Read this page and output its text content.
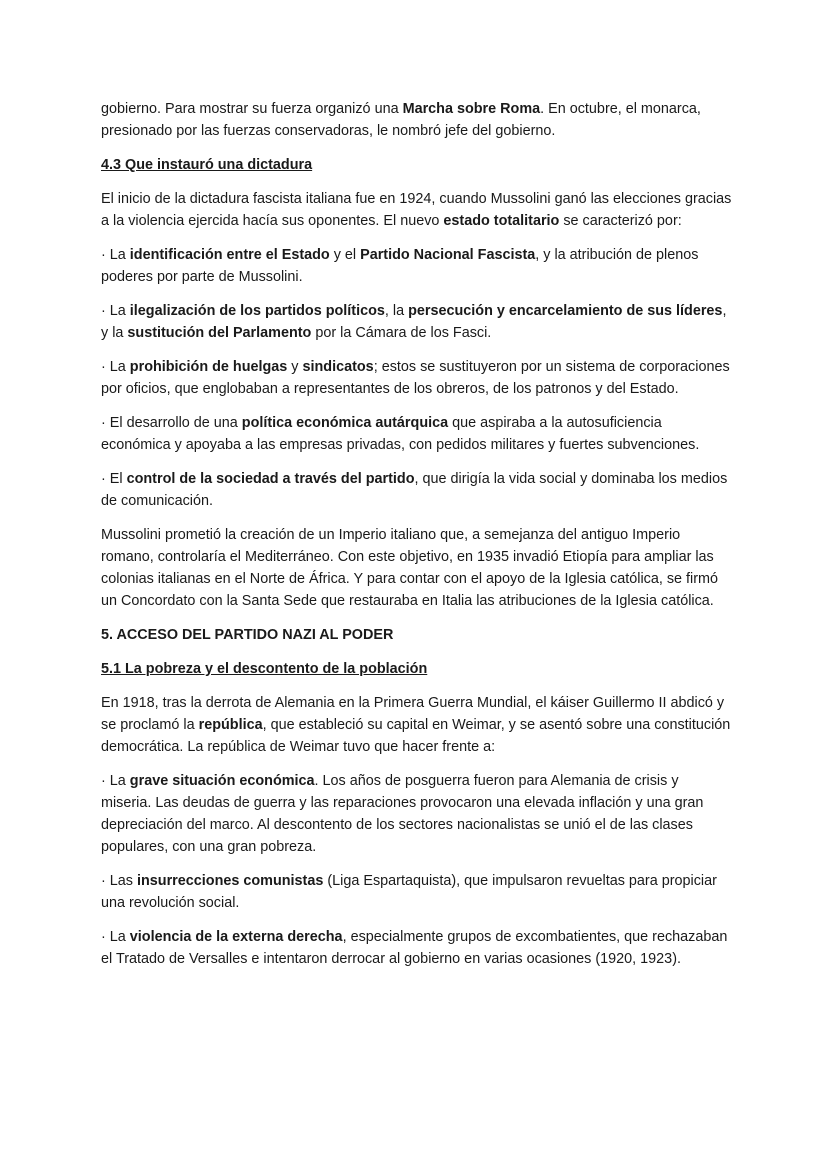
gobierno. Para mostrar su fuerza organizó una Marcha sobre Roma. En octubre, el monarca, presionado por las fuerzas conservadoras, le nombró jefe del gobierno.

4.3 Que instauró una dictadura

El inicio de la dictadura fascista italiana fue en 1924, cuando Mussolini ganó las elecciones gracias a la violencia ejercida hacía sus oponentes. El nuevo estado totalitario se caracterizó por:

· La identificación entre el Estado y el Partido Nacional Fascista, y la atribución de plenos poderes por parte de Mussolini.

· La ilegalización de los partidos políticos, la persecución y encarcelamiento de sus líderes, y la sustitución del Parlamento por la Cámara de los Fasci.

· La prohibición de huelgas y sindicatos; estos se sustituyeron por un sistema de corporaciones por oficios, que englobaban a representantes de los obreros, de los patronos y del Estado.

· El desarrollo de una política económica autárquica que aspiraba a la autosuficiencia económica y apoyaba a las empresas privadas, con pedidos militares y fuertes subvenciones.

· El control de la sociedad a través del partido, que dirigía la vida social y dominaba los medios de comunicación.

Mussolini prometió la creación de un Imperio italiano que, a semejanza del antiguo Imperio romano, controlaría el Mediterráneo. Con este objetivo, en 1935 invadió Etiopía para ampliar las colonias italianas en el Norte de África. Y para contar con el apoyo de la Iglesia católica, se firmó un Concordato con la Santa Sede que restauraba en Italia las atribuciones de la Iglesia católica.

5. ACCESO DEL PARTIDO NAZI AL PODER
5.1 La pobreza y el descontento de la población

En 1918, tras la derrota de Alemania en la Primera Guerra Mundial, el káiser Guillermo II abdicó y se proclamó la república, que estableció su capital en Weimar, y se asentó sobre una constitución democrática. La república de Weimar tuvo que hacer frente a:

· La grave situación económica. Los años de posguerra fueron para Alemania de crisis y miseria. Las deudas de guerra y las reparaciones provocaron una elevada inflación y una gran depreciación del marco. Al descontento de los sectores nacionalistas se unió el de las clases populares, con una gran pobreza.

· Las insurrecciones comunistas (Liga Espartaquista), que impulsaron revueltas para propiciar una revolución social.

· La violencia de la externa derecha, especialmente grupos de excombatientes, que rechazaban el Tratado de Versalles e intentaron derrocar al gobierno en varias ocasiones (1920, 1923).
